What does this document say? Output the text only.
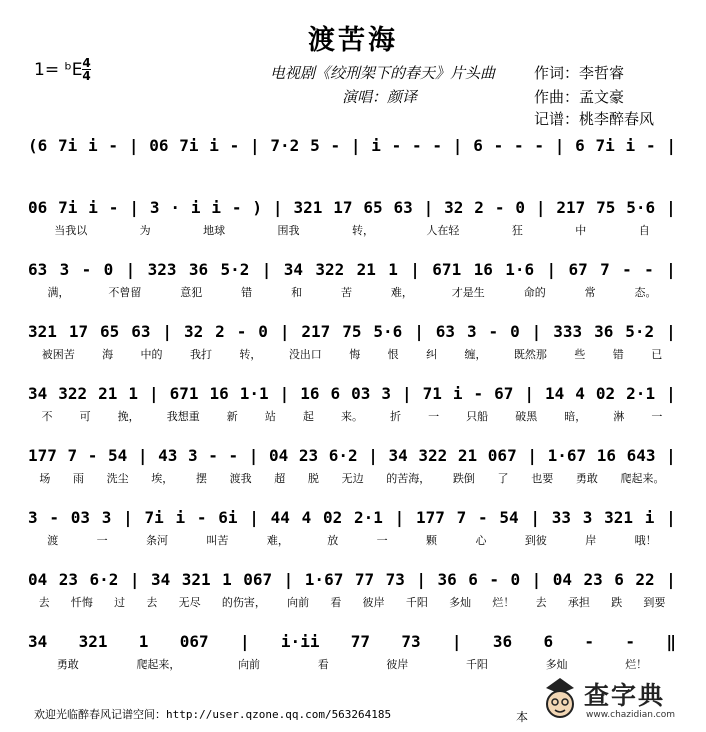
渡苦海
1= ᵇE 4
4	电视剧《绞刑架下的春天》片头曲
演唱：颜译
作词：李哲睿
作曲：孟文豪
记谱：桃李醉春风
(6 7i i - | 06 7i i - | 7·2 5 - | i - - - | 6 - - - | 6 7i i - |
06 7i i - | 3 · i i - ) | 321 17 65 63 | 32 2 - 0 | 217 75 5·6 |
当我以	为	地球	围我	转，	人在轻	狂	中	自
63 3 - 0 | 323 36 5·2 | 34 322 21 1 | 671 16 1·6 | 67 7 - - |
满，	不曾留	意犯	错	和	苦	难，	才是生	命的	常	态。
321 17 65 63 | 32 2 - 0 | 217 75 5·6 | 63 3 - 0 | 333 36 5·2 |
被困苦 海 中的 我打 转， 没出口 悔 恨 纠 缠， 既然那 些 错 已
34 322 21 1 | 671 16 1·1 | 16 6 03 3 | 71 i - 67 | 14 4 02 2·1 |
不 可 挽， 我想重 新 站 起 来。 折 一 只船 破黑 暗， 淋 一
177 7 - 54 | 43 3 - - | 04 23 6·2 | 34 322 21 067 | 1·67 16 643 |
场 雨 洗尘 埃， 摆 渡我 超 脱 无边 的苦海， 跌倒 了 也要 勇敢 爬起来。
3 - 03 3 | 7i i - 6i | 44 4 02 2·1 | 177 7 - 54 | 33 3 321 i |
渡	一	条河	叫苦	难，	放	一	颗	心	到彼	岸	哦！
04 23 6·2 | 34 321 1 067 | 1·67 77 73 | 36 6 - 0 | 04 23 6 22 |
去 忏悔 过 去 无尽 的伤害， 向前 看 彼岸 千阳 多灿 烂！ 去 承担 跌 到要
34 321 1 067 | i·ii 77 73 | 36 6 - - ‖
勇敢	爬起来，	向前	看	彼岸	千阳	多灿	烂！
欢迎光临醉春风记谱空间：http://user.qzone.qq.com/563264185	本
查字典
www.chazidian.com
